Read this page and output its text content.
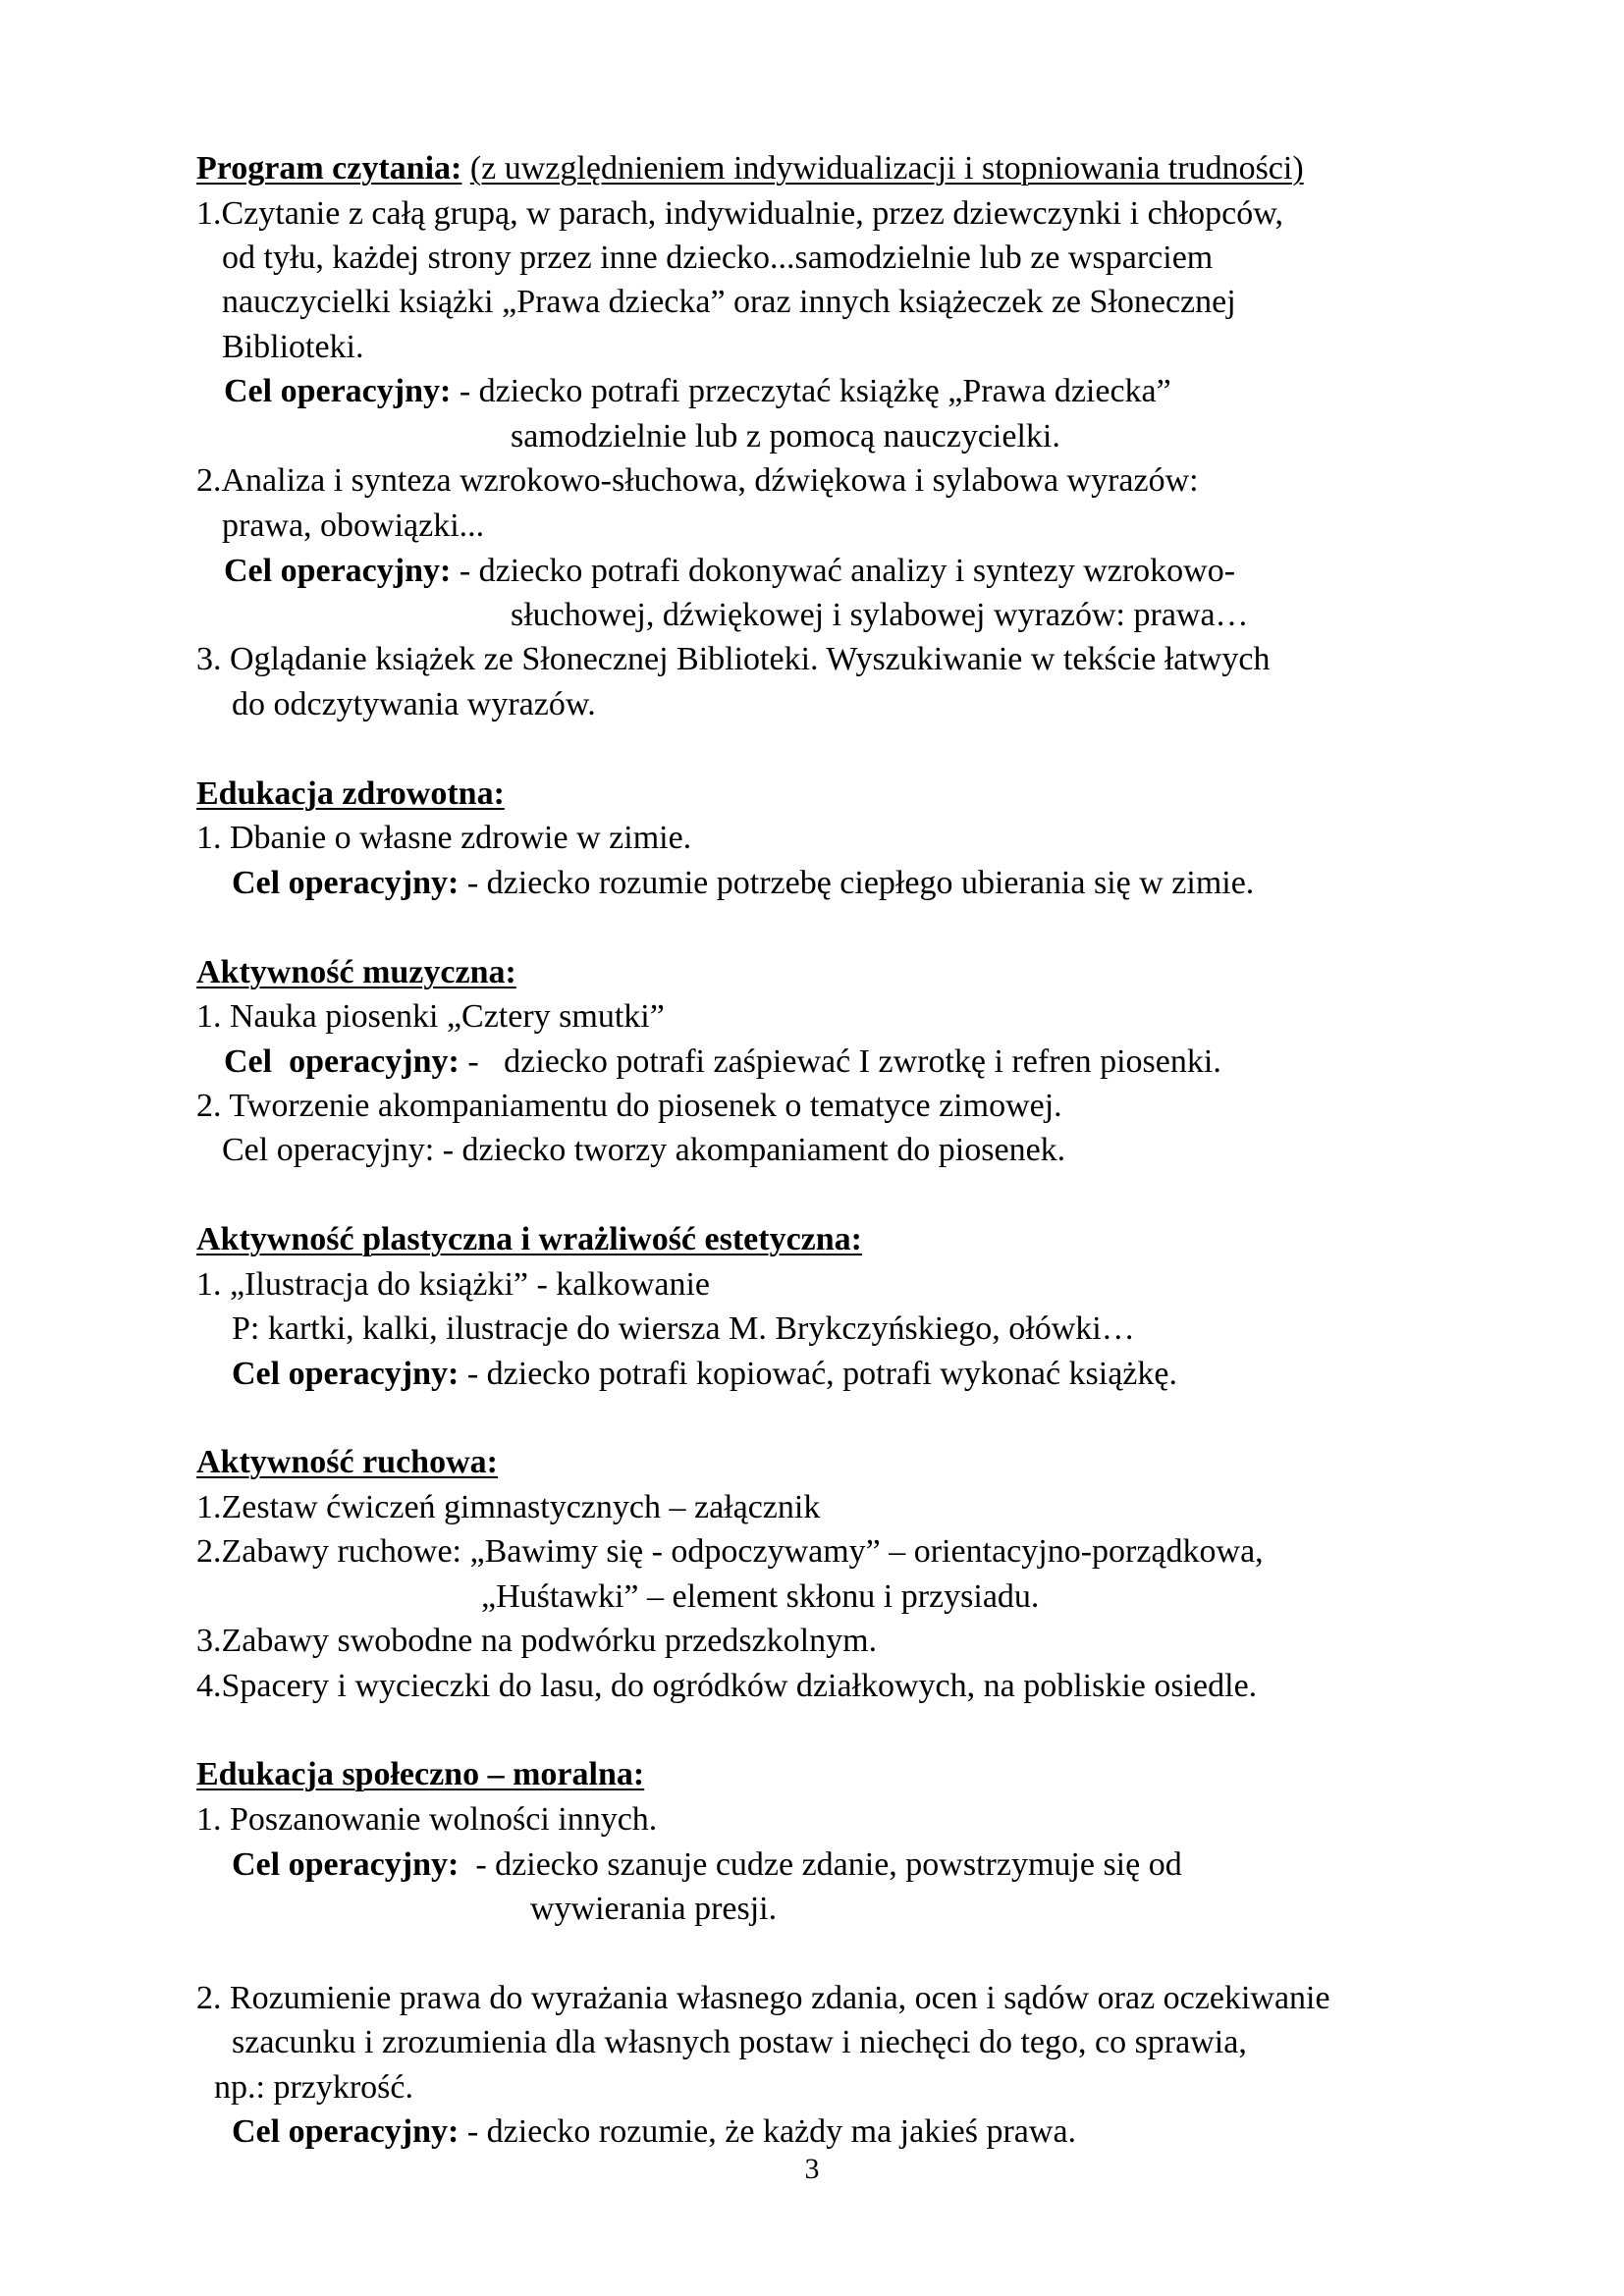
Program czytania: (z uwzględnieniem indywidualizacji i stopniowania trudności)
1.Czytanie z całą grupą, w parach, indywidualnie, przez dziewczynki i chłopców,
od tyłu, każdej strony przez inne dziecko...samodzielnie lub ze wsparciem
nauczycielki książki „Prawa dziecka” oraz innych książeczek ze Słonecznej
Biblioteki.
Cel operacyjny: - dziecko potrafi przeczytać książkę „Prawa dziecka”
samodzielnie lub z pomocą nauczycielki.
2.Analiza i synteza wzrokowo-słuchowa, dźwiękowa i sylabowa wyrazów:
prawa, obowiązki...
Cel operacyjny: - dziecko potrafi dokonywać analizy i syntezy wzrokowo-
słuchowej, dźwiękowej i sylabowej wyrazów: prawa…
3. Oglądanie książek ze Słonecznej Biblioteki. Wyszukiwanie w tekście łatwych
do odczytywania wyrazów.
Edukacja zdrowotna:
1. Dbanie o własne zdrowie w zimie.
Cel operacyjny: - dziecko rozumie potrzebę ciepłego ubierania się w zimie.
Aktywność muzyczna:
1. Nauka piosenki „Cztery smutki”
Cel  operacyjny: -   dziecko potrafi zaśpiewać I zwrotkę i refren piosenki.
2. Tworzenie akompaniamentu do piosenek o tematyce zimowej.
Cel operacyjny: - dziecko tworzy akompaniament do piosenek.
Aktywność plastyczna i wrażliwość estetyczna:
1. „Ilustracja do książki” - kalkowanie
P: kartki, kalki, ilustracje do wiersza M. Brykczyńskiego, ołówki…
Cel operacyjny: - dziecko potrafi kopiować, potrafi wykonać książkę.
Aktywność ruchowa:
1.Zestaw ćwiczeń gimnastycznych – załącznik
2.Zabawy ruchowe: „Bawimy się - odpoczywamy” – orientacyjno-porządkowa,
„Huśtawki” – element skłonu i przysiadu.
3.Zabawy swobodne na podwórku przedszkolnym.
4.Spacery i wycieczki do lasu, do ogródków działkowych, na pobliskie osiedle.
Edukacja społeczno – moralna:
1. Poszanowanie wolności innych.
Cel operacyjny:  - dziecko szanuje cudze zdanie, powstrzymuje się od
wywierania presji.
2. Rozumienie prawa do wyrażania własnego zdania, ocen i sądów oraz oczekiwanie
szacunku i zrozumienia dla własnych postaw i niechęci do tego, co sprawia,
np.: przykrość.
Cel operacyjny: - dziecko rozumie, że każdy ma jakieś prawa.
3
